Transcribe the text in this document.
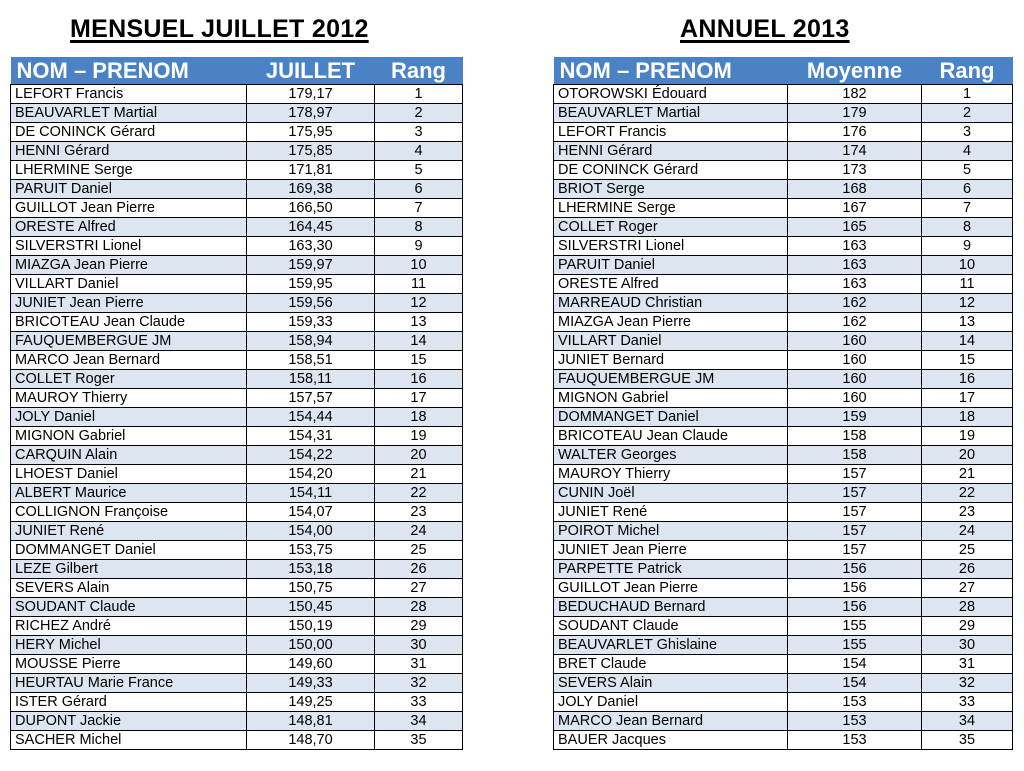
MENSUEL JUILLET 2012	ANNUEL 2013
NOM – PRENOM	JUILLET	Rang
LEFORT Francis	179,17	1
BEAUVARLET Martial	178,97	2
DE CONINCK Gérard	175,95	3
HENNI Gérard	175,85	4
LHERMINE Serge	171,81	5
PARUIT Daniel	169,38	6
GUILLOT Jean Pierre	166,50	7
ORESTE Alfred	164,45	8
SILVERSTRI Lionel	163,30	9
MIAZGA Jean Pierre	159,97	10
VILLART Daniel	159,95	11
JUNIET Jean Pierre	159,56	12
BRICOTEAU Jean Claude	159,33	13
FAUQUEMBERGUE JM	158,94	14
MARCO Jean Bernard	158,51	15
COLLET Roger	158,11	16
MAUROY Thierry	157,57	17
JOLY Daniel	154,44	18
MIGNON Gabriel	154,31	19
CARQUIN Alain	154,22	20
LHOEST Daniel	154,20	21
ALBERT Maurice	154,11	22
COLLIGNON Françoise	154,07	23
JUNIET René	154,00	24
DOMMANGET Daniel	153,75	25
LEZE Gilbert	153,18	26
SEVERS Alain	150,75	27
SOUDANT Claude	150,45	28
RICHEZ André	150,19	29
HERY Michel	150,00	30
MOUSSE Pierre	149,60	31
HEURTAU Marie France	149,33	32
ISTER Gérard	149,25	33
DUPONT Jackie	148,81	34
SACHER Michel	148,70	35
NOM – PRENOM	Moyenne	Rang
OTOROWSKI Édouard	182	1
BEAUVARLET Martial	179	2
LEFORT Francis	176	3
HENNI Gérard	174	4
DE CONINCK Gérard	173	5
BRIOT Serge	168	6
LHERMINE Serge	167	7
COLLET Roger	165	8
SILVERSTRI Lionel	163	9
PARUIT Daniel	163	10
ORESTE Alfred	163	11
MARREAUD Christian	162	12
MIAZGA Jean Pierre	162	13
VILLART Daniel	160	14
JUNIET Bernard	160	15
FAUQUEMBERGUE JM	160	16
MIGNON Gabriel	160	17
DOMMANGET Daniel	159	18
BRICOTEAU Jean Claude	158	19
WALTER Georges	158	20
MAUROY Thierry	157	21
CUNIN Joël	157	22
JUNIET René	157	23
POIROT Michel	157	24
JUNIET Jean Pierre	157	25
PARPETTE Patrick	156	26
GUILLOT Jean Pierre	156	27
BEDUCHAUD Bernard	156	28
SOUDANT Claude	155	29
BEAUVARLET Ghislaine	155	30
BRET Claude	154	31
SEVERS Alain	154	32
JOLY Daniel	153	33
MARCO Jean Bernard	153	34
BAUER Jacques	153	35
